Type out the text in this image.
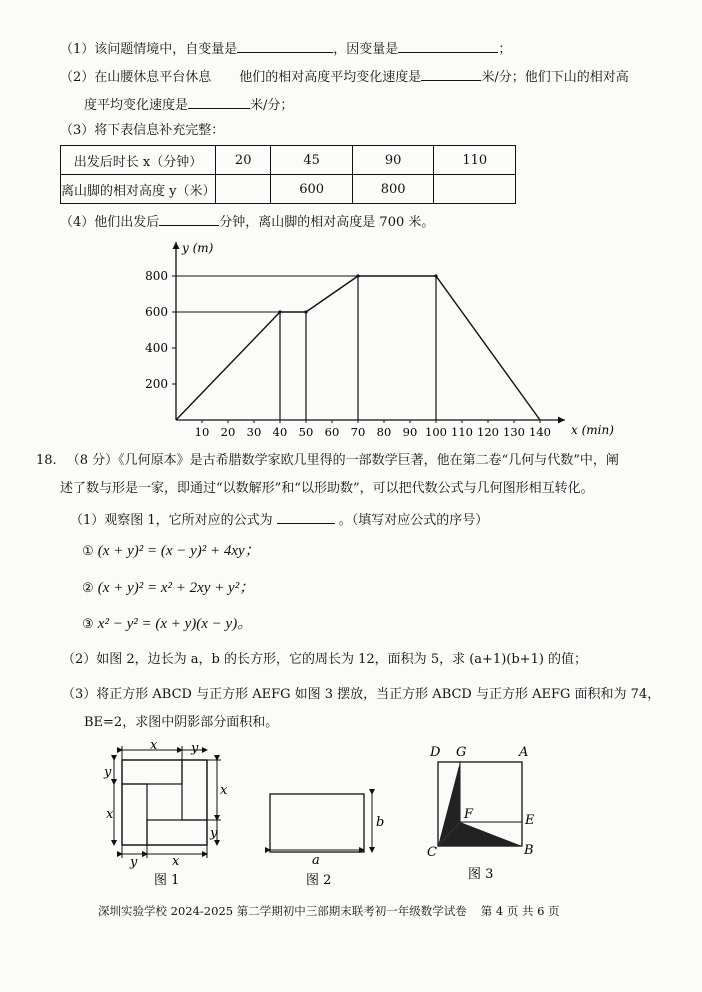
（1）该问题情境中，自变量是	，因变量是	；
（2）在山腰休息平台休息 他们的相对高度平均变化速度是	米/分；他们下山的相对高
度平均变化速度是	米/分；
（3）将下表信息补充完整：
出发后时长 x（分钟）	20	45	90	110
离山脚的相对高度 y（米）		600	800	
（4）他们出发后	分钟，离山脚的相对高度是 700 米。
y (m)
x (min)
200
400
600
800
10 20 30 40 50 60 70 80 90 100 110 120 130 140
18. （8 分）《几何原本》是古希腊数学家欧几里得的一部数学巨著，他在第二卷“几何与代数”中，阐
述了数与形是一家，即通过“以数解形”和“以形助数”，可以把代数公式与几何图形相互转化。
（1）观察图 1，它所对应的公式为	。（填写对应公式的序号）
① (x + y)² = (x − y)² + 4xy；
② (x + y)² = x² + 2xy + y²；
③ x² − y² = (x + y)(x − y)。
（2）如图 2，边长为 a，b 的长方形，它的周长为 12，面积为 5，求 (a+1)(b+1) 的值；
（3）将正方形 ABCD 与正方形 AEFG 如图 3 摆放，当正方形 ABCD 与正方形 AEFG 面积和为 74，
BE=2，求图中阴影部分面积和。
x	y
x
y
y
x
y	x
图 1
b
a
图 2
D G	A
F	E
C	B
图 3
深圳实验学校 2024-2025 第二学期初中三部期末联考初一年级数学试卷 第 4 页 共 6 页
